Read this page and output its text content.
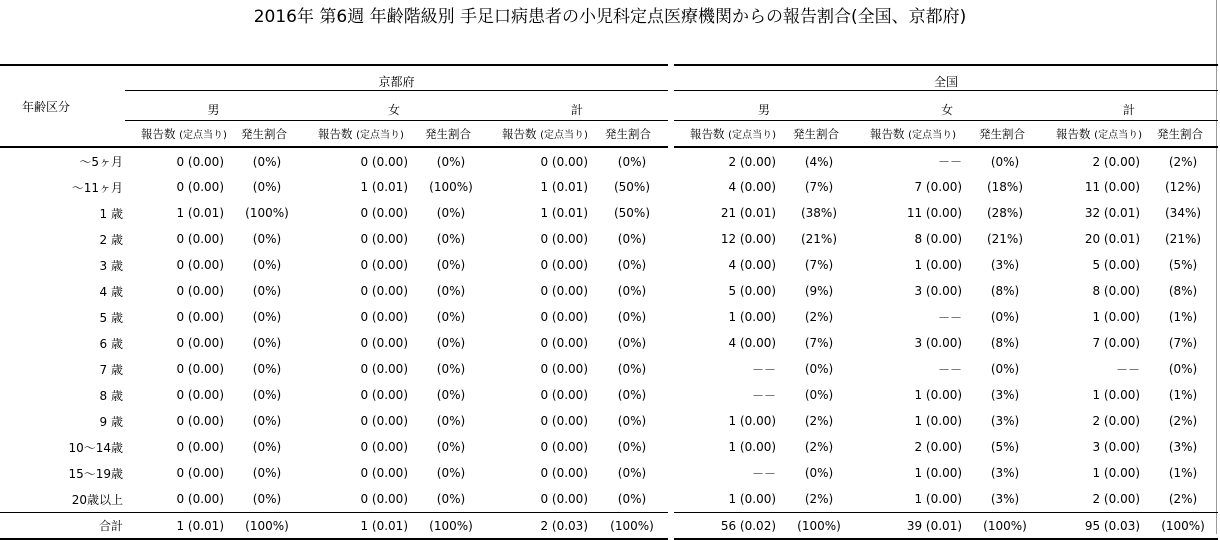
2016年 第6週 年齢階級別 手足口病患者の小児科定点医療機関からの報告割合(全国、京都府)
年齢区分	京都府							全国					
	男		女		計			男		女		計	
	報告数 (定点当り)	発生割合	報告数 (定点当り)	発生割合	報告数 (定点当り)	発生割合		報告数 (定点当り)	発生割合	報告数 (定点当り)	発生割合	報告数 (定点当り)	発生割合
～5ヶ月	0 (0.00)	(0%)	0 (0.00)	(0%)	0 (0.00)	(0%)		2 (0.00)	(4%)	－－	(0%)	2 (0.00)	(2%)
～11ヶ月	0 (0.00)	(0%)	1 (0.01)	(100%)	1 (0.01)	(50%)		4 (0.00)	(7%)	7 (0.00)	(18%)	11 (0.00)	(12%)
1 歳	1 (0.01)	(100%)	0 (0.00)	(0%)	1 (0.01)	(50%)		21 (0.01)	(38%)	11 (0.00)	(28%)	32 (0.01)	(34%)
2 歳	0 (0.00)	(0%)	0 (0.00)	(0%)	0 (0.00)	(0%)		12 (0.00)	(21%)	8 (0.00)	(21%)	20 (0.01)	(21%)
3 歳	0 (0.00)	(0%)	0 (0.00)	(0%)	0 (0.00)	(0%)		4 (0.00)	(7%)	1 (0.00)	(3%)	5 (0.00)	(5%)
4 歳	0 (0.00)	(0%)	0 (0.00)	(0%)	0 (0.00)	(0%)		5 (0.00)	(9%)	3 (0.00)	(8%)	8 (0.00)	(8%)
5 歳	0 (0.00)	(0%)	0 (0.00)	(0%)	0 (0.00)	(0%)		1 (0.00)	(2%)	－－	(0%)	1 (0.00)	(1%)
6 歳	0 (0.00)	(0%)	0 (0.00)	(0%)	0 (0.00)	(0%)		4 (0.00)	(7%)	3 (0.00)	(8%)	7 (0.00)	(7%)
7 歳	0 (0.00)	(0%)	0 (0.00)	(0%)	0 (0.00)	(0%)		－－	(0%)	－－	(0%)	－－	(0%)
8 歳	0 (0.00)	(0%)	0 (0.00)	(0%)	0 (0.00)	(0%)		－－	(0%)	1 (0.00)	(3%)	1 (0.00)	(1%)
9 歳	0 (0.00)	(0%)	0 (0.00)	(0%)	0 (0.00)	(0%)		1 (0.00)	(2%)	1 (0.00)	(3%)	2 (0.00)	(2%)
10～14歳	0 (0.00)	(0%)	0 (0.00)	(0%)	0 (0.00)	(0%)		1 (0.00)	(2%)	2 (0.00)	(5%)	3 (0.00)	(3%)
15～19歳	0 (0.00)	(0%)	0 (0.00)	(0%)	0 (0.00)	(0%)		－－	(0%)	1 (0.00)	(3%)	1 (0.00)	(1%)
20歳以上	0 (0.00)	(0%)	0 (0.00)	(0%)	0 (0.00)	(0%)		1 (0.00)	(2%)	1 (0.00)	(3%)	2 (0.00)	(2%)
合計	1 (0.01)	(100%)	1 (0.01)	(100%)	2 (0.03)	(100%)		56 (0.02)	(100%)	39 (0.01)	(100%)	95 (0.03)	(100%)
